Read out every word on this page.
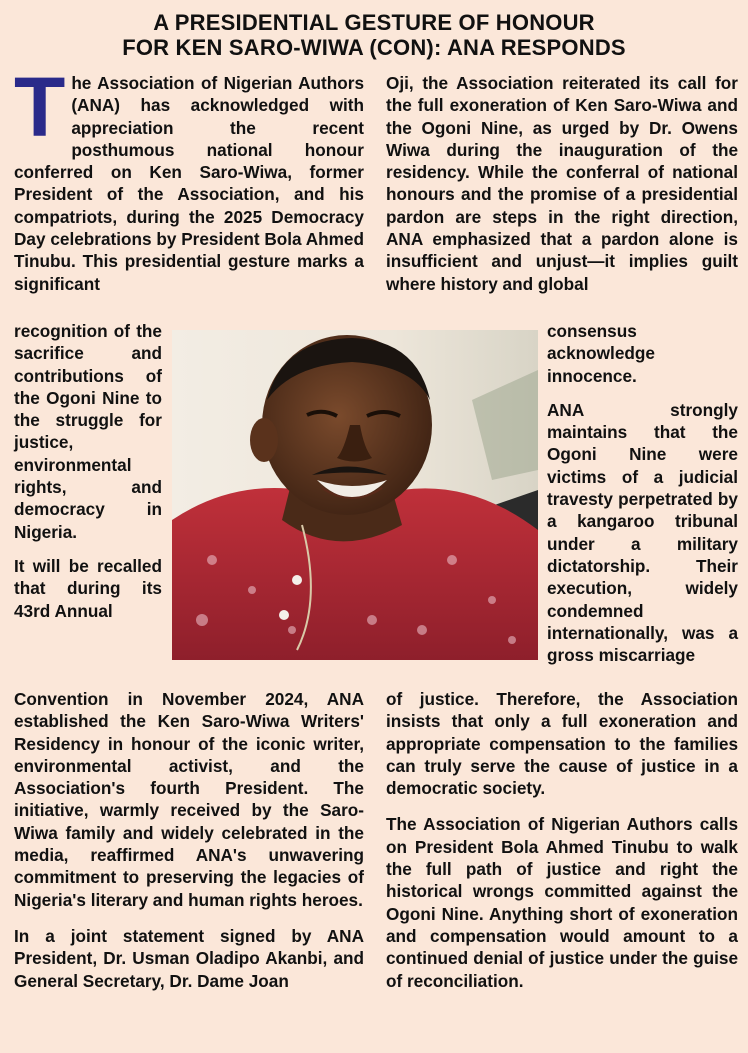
A PRESIDENTIAL GESTURE OF HONOUR
FOR KEN SARO-WIWA (CON): ANA RESPONDS
T he Association of Nigerian Authors (ANA) has acknowledged with appreciation the recent posthumous national honour conferred on Ken Saro-Wiwa, former President of the Association, and his compatriots, during the 2025 Democracy Day celebrations by President Bola Ahmed Tinubu. This presidential gesture marks a significant

recognition of the sacrifice and contributions of the Ogoni Nine to the struggle for justice, environmental rights, and democracy in Nigeria.

It will be recalled that during its 43rd Annual

Convention in November 2024, ANA established the Ken Saro-Wiwa Writers' Residency in honour of the iconic writer, environmental activist, and the Association's fourth President. The initiative, warmly received by the Saro-Wiwa family and widely celebrated in the media, reaffirmed ANA's unwavering commitment to preserving the legacies of Nigeria's literary and human rights heroes.

In a joint statement signed by ANA President, Dr. Usman Oladipo Akanbi, and General Secretary, Dr. Dame Joan

Oji, the Association reiterated its call for the full exoneration of Ken Saro-Wiwa and the Ogoni Nine, as urged by Dr. Owens Wiwa during the inauguration of the residency. While the conferral of national honours and the promise of a presidential pardon are steps in the right direction, ANA emphasized that a pardon alone is insufficient and unjust—it implies guilt where history and global

consensus acknowledge innocence.

ANA strongly maintains that the Ogoni Nine were victims of a judicial travesty perpetrated by a kangaroo tribunal under a military dictatorship. Their execution, widely condemned internationally, was a gross miscarriage

of justice. Therefore, the Association insists that only a full exoneration and appropriate compensation to the families can truly serve the cause of justice in a democratic society.

The Association of Nigerian Authors calls on President Bola Ahmed Tinubu to walk the full path of justice and right the historical wrongs committed against the Ogoni Nine. Anything short of exoneration and compensation would amount to a continued denial of justice under the guise of reconciliation.
